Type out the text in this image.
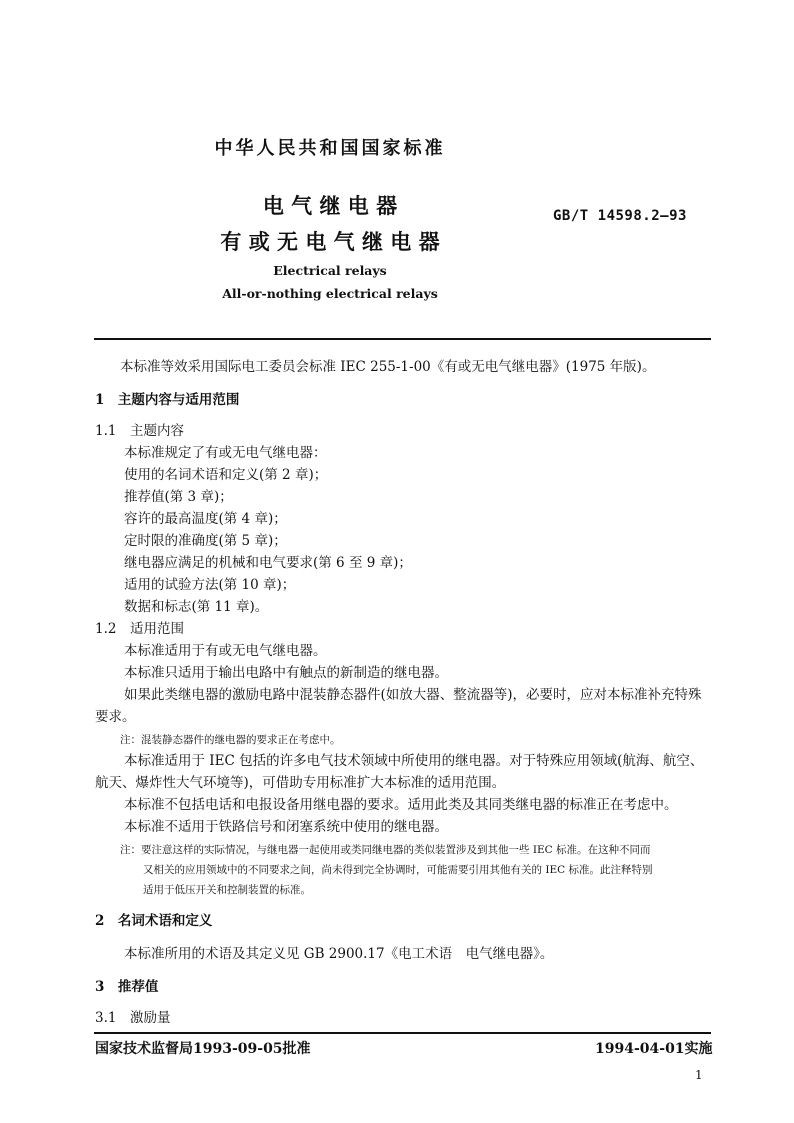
中华人民共和国国家标准
电 气 继 电 器
有 或 无 电 气 继 电 器
GB/T 14598.2—93
Electrical relays
All-or-nothing electrical relays
本标准等效采用国际电工委员会标准 IEC 255-1-00《有或无电气继电器》(1975 年版)。
1　主题内容与适用范围
1.1　主题内容
本标准规定了有或无电气继电器：
使用的名词术语和定义(第 2 章)；
推荐值(第 3 章)；
容许的最高温度(第 4 章)；
定时限的准确度(第 5 章)；
继电器应满足的机械和电气要求(第 6 至 9 章)；
适用的试验方法(第 10 章)；
数据和标志(第 11 章)。
1.2　适用范围
本标准适用于有或无电气继电器。
本标准只适用于输出电路中有触点的新制造的继电器。
如果此类继电器的激励电路中混装静态器件(如放大器、整流器等)，必要时，应对本标准补充特殊
要求。
注：混装静态器件的继电器的要求正在考虑中。
本标准适用于 IEC 包括的许多电气技术领域中所使用的继电器。对于特殊应用领域(航海、航空、
航天、爆炸性大气环境等)，可借助专用标准扩大本标准的适用范围。
本标准不包括电话和电报设备用继电器的要求。适用此类及其同类继电器的标准正在考虑中。
本标准不适用于铁路信号和闭塞系统中使用的继电器。
注：要注意这样的实际情况，与继电器一起使用或类同继电器的类似装置涉及到其他一些 IEC 标准。在这种不同而
又相关的应用领域中的不同要求之间，尚未得到完全协调时，可能需要引用其他有关的 IEC 标准。此注释特别
适用于低压开关和控制装置的标准。
2　名词术语和定义
本标准所用的术语及其定义见 GB 2900.17《电工术语　电气继电器》。
3　推荐值
3.1　激励量
国家技术监督局1993-09-05批准	1994-04-01实施
1
